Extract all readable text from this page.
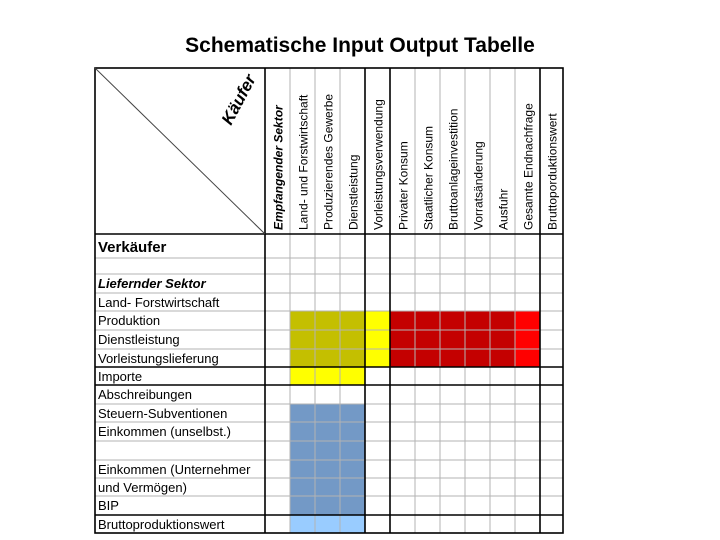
Schematische Input Output Tabelle
Käufer
Empfangender Sektor Land- und Forstwirtschaft Produzierendes Gewerbe Dienstleistung Vorleistungsverwendung Privater Konsum Staatlicher Konsum Bruttoanlageinvestition Vorratsänderung Ausfuhr Gesamte Endnachfrage Bruttoporduktionswert
Verkäufer
Liefernder Sektor
Land- Forstwirtschaft
Produktion
Dienstleistung
Vorleistungslieferung
Importe
Abschreibungen
Steuern-Subventionen
Einkommen (unselbst.)
Einkommen (Unternehmer
und Vermögen)
BIP
Bruttoproduktionswert
